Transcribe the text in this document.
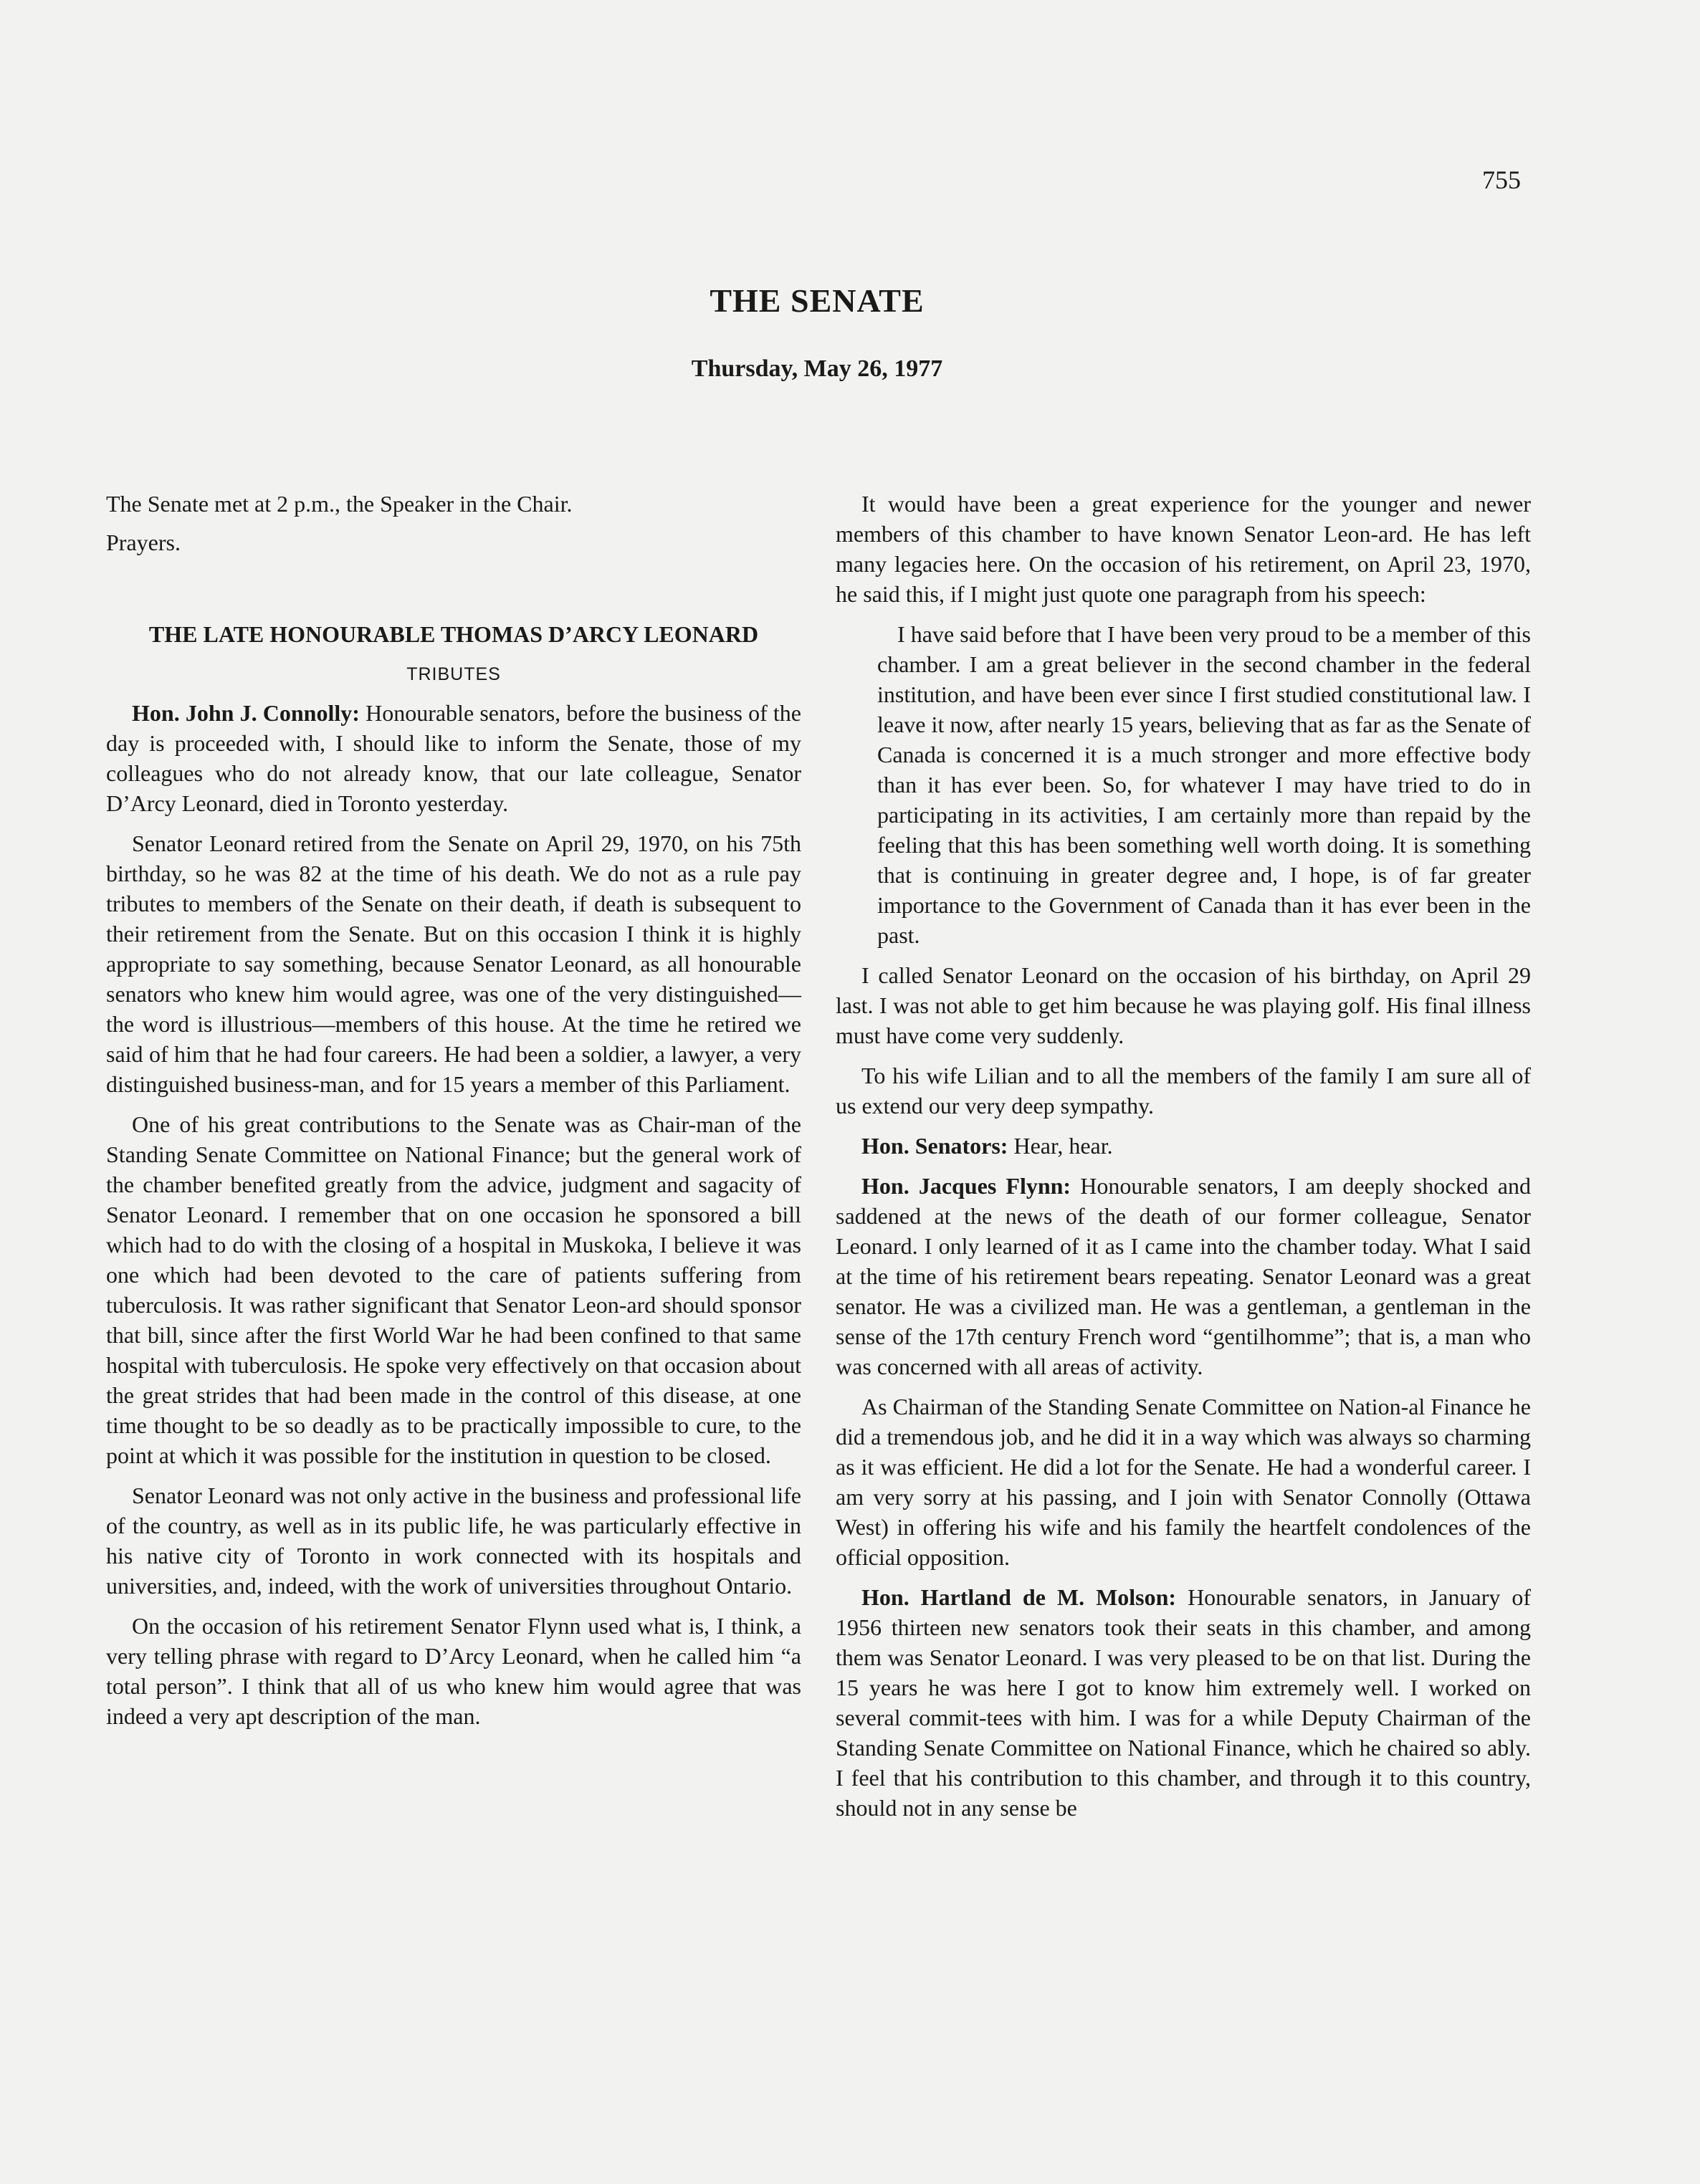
755
THE SENATE
Thursday, May 26, 1977

The Senate met at 2 p.m., the Speaker in the Chair.

Prayers.

THE LATE HONOURABLE THOMAS D’ARCY LEONARD
TRIBUTES

Hon. John J. Connolly: Honourable senators, before the business of the day is proceeded with, I should like to inform the Senate, those of my colleagues who do not already know, that our late colleague, Senator D’Arcy Leonard, died in Toronto yesterday.

Senator Leonard retired from the Senate on April 29, 1970, on his 75th birthday, so he was 82 at the time of his death. We do not as a rule pay tributes to members of the Senate on their death, if death is subsequent to their retirement from the Senate. But on this occasion I think it is highly appropriate to say something, because Senator Leonard, as all honourable senators who knew him would agree, was one of the very distinguished—the word is illustrious—members of this house. At the time he retired we said of him that he had four careers. He had been a soldier, a lawyer, a very distinguished business-man, and for 15 years a member of this Parliament.

One of his great contributions to the Senate was as Chair-man of the Standing Senate Committee on National Finance; but the general work of the chamber benefited greatly from the advice, judgment and sagacity of Senator Leonard. I remember that on one occasion he sponsored a bill which had to do with the closing of a hospital in Muskoka, I believe it was one which had been devoted to the care of patients suffering from tuberculosis. It was rather significant that Senator Leon-ard should sponsor that bill, since after the first World War he had been confined to that same hospital with tuberculosis. He spoke very effectively on that occasion about the great strides that had been made in the control of this disease, at one time thought to be so deadly as to be practically impossible to cure, to the point at which it was possible for the institution in question to be closed.

Senator Leonard was not only active in the business and professional life of the country, as well as in its public life, he was particularly effective in his native city of Toronto in work connected with its hospitals and universities, and, indeed, with the work of universities throughout Ontario.

On the occasion of his retirement Senator Flynn used what is, I think, a very telling phrase with regard to D’Arcy Leonard, when he called him “a total person”. I think that all of us who knew him would agree that was indeed a very apt description of the man.

It would have been a great experience for the younger and newer members of this chamber to have known Senator Leon-ard. He has left many legacies here. On the occasion of his retirement, on April 23, 1970, he said this, if I might just quote one paragraph from his speech:

I have said before that I have been very proud to be a member of this chamber. I am a great believer in the second chamber in the federal institution, and have been ever since I first studied constitutional law. I leave it now, after nearly 15 years, believing that as far as the Senate of Canada is concerned it is a much stronger and more effective body than it has ever been. So, for whatever I may have tried to do in participating in its activities, I am certainly more than repaid by the feeling that this has been something well worth doing. It is something that is continuing in greater degree and, I hope, is of far greater importance to the Government of Canada than it has ever been in the past.

I called Senator Leonard on the occasion of his birthday, on April 29 last. I was not able to get him because he was playing golf. His final illness must have come very suddenly.

To his wife Lilian and to all the members of the family I am sure all of us extend our very deep sympathy.

Hon. Senators: Hear, hear.

Hon. Jacques Flynn: Honourable senators, I am deeply shocked and saddened at the news of the death of our former colleague, Senator Leonard. I only learned of it as I came into the chamber today. What I said at the time of his retirement bears repeating. Senator Leonard was a great senator. He was a civilized man. He was a gentleman, a gentleman in the sense of the 17th century French word “gentilhomme”; that is, a man who was concerned with all areas of activity.

As Chairman of the Standing Senate Committee on Nation-al Finance he did a tremendous job, and he did it in a way which was always so charming as it was efficient. He did a lot for the Senate. He had a wonderful career. I am very sorry at his passing, and I join with Senator Connolly (Ottawa West) in offering his wife and his family the heartfelt condolences of the official opposition.

Hon. Hartland de M. Molson: Honourable senators, in January of 1956 thirteen new senators took their seats in this chamber, and among them was Senator Leonard. I was very pleased to be on that list. During the 15 years he was here I got to know him extremely well. I worked on several commit-tees with him. I was for a while Deputy Chairman of the Standing Senate Committee on National Finance, which he chaired so ably. I feel that his contribution to this chamber, and through it to this country, should not in any sense be
